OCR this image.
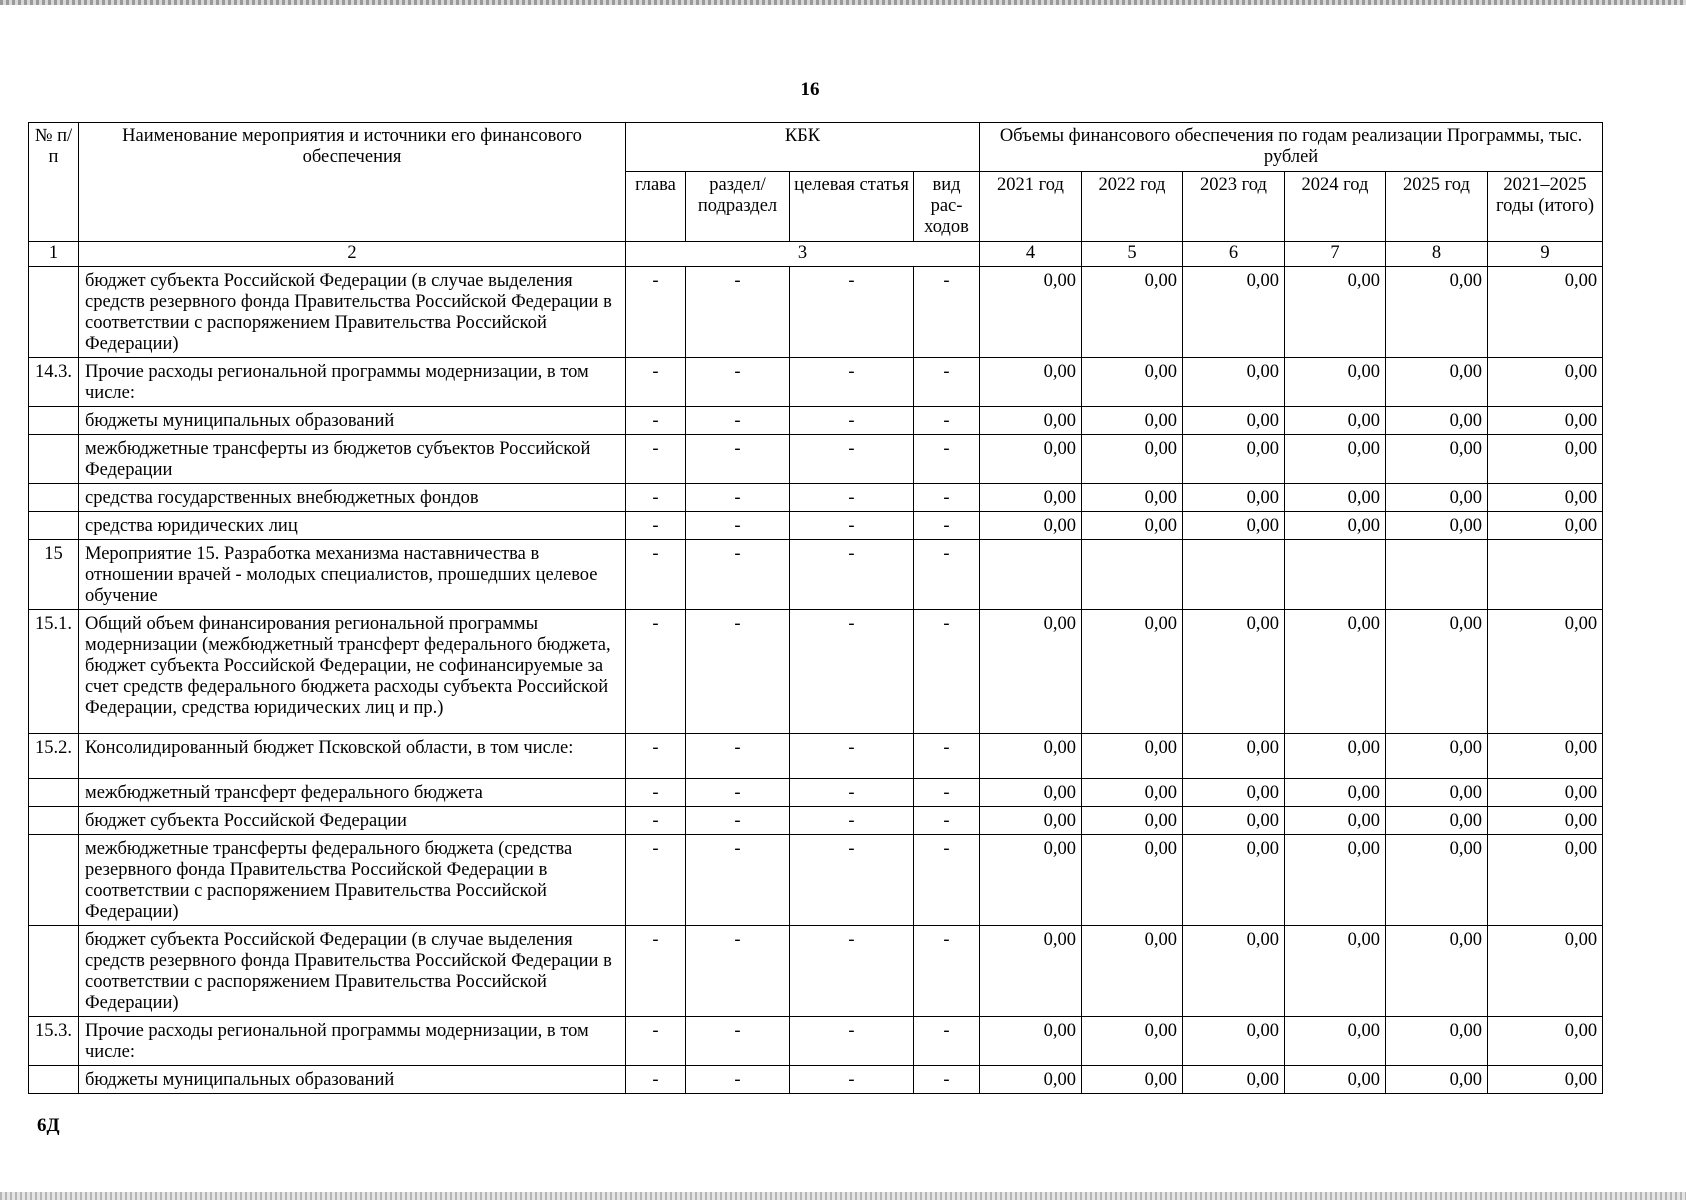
16
№ п/п	Наименование мероприятия и источники его финансового обеспечения	КБК				Объемы финансового обеспечения по годам реализации Программы, тыс. рублей					
		глава	раздел/ подраздел	целевая статья	вид рас- ходов	2021 год	2022 год	2023 год	2024 год	2025 год	2021–2025 годы (итого)
1	2	3				4	5	6	7	8	9
	бюджет субъекта Российской Федерации (в случае выделения средств резервного фонда Правительства Российской Федерации в соответствии с распоряжением Правительства Российской Федерации)	-	-	-	-	0,00	0,00	0,00	0,00	0,00	0,00
14.3.	Прочие расходы региональной программы модернизации, в том числе:	-	-	-	-	0,00	0,00	0,00	0,00	0,00	0,00
	бюджеты муниципальных образований	-	-	-	-	0,00	0,00	0,00	0,00	0,00	0,00
	межбюджетные трансферты из бюджетов субъектов Российской Федерации	-	-	-	-	0,00	0,00	0,00	0,00	0,00	0,00
	средства государственных внебюджетных фондов	-	-	-	-	0,00	0,00	0,00	0,00	0,00	0,00
	средства юридических лиц	-	-	-	-	0,00	0,00	0,00	0,00	0,00	0,00
15	Мероприятие 15. Разработка механизма наставничества в отношении врачей - молодых специалистов, прошедших целевое обучение	-	-	-	-						
15.1.	Общий объем финансирования региональной программы модернизации (межбюджетный трансферт федерального бюджета, бюджет субъекта Российской Федерации, не софинансируемые за счет средств федерального бюджета расходы субъекта Российской Федерации, средства юридических лиц и пр.)	-	-	-	-	0,00	0,00	0,00	0,00	0,00	0,00
15.2.	Консолидированный бюджет Псковской области, в том числе:	-	-	-	-	0,00	0,00	0,00	0,00	0,00	0,00
	межбюджетный трансферт федерального бюджета	-	-	-	-	0,00	0,00	0,00	0,00	0,00	0,00
	бюджет субъекта Российской Федерации	-	-	-	-	0,00	0,00	0,00	0,00	0,00	0,00
	межбюджетные трансферты федерального бюджета (средства резервного фонда Правительства Российской Федерации в соответствии с распоряжением Правительства Российской Федерации)	-	-	-	-	0,00	0,00	0,00	0,00	0,00	0,00
	бюджет субъекта Российской Федерации (в случае выделения средств резервного фонда Правительства Российской Федерации в соответствии с распоряжением Правительства Российской Федерации)	-	-	-	-	0,00	0,00	0,00	0,00	0,00	0,00
15.3.	Прочие расходы региональной программы модернизации, в том числе:	-	-	-	-	0,00	0,00	0,00	0,00	0,00	0,00
	бюджеты муниципальных образований	-	-	-	-	0,00	0,00	0,00	0,00	0,00	0,00
6Д
